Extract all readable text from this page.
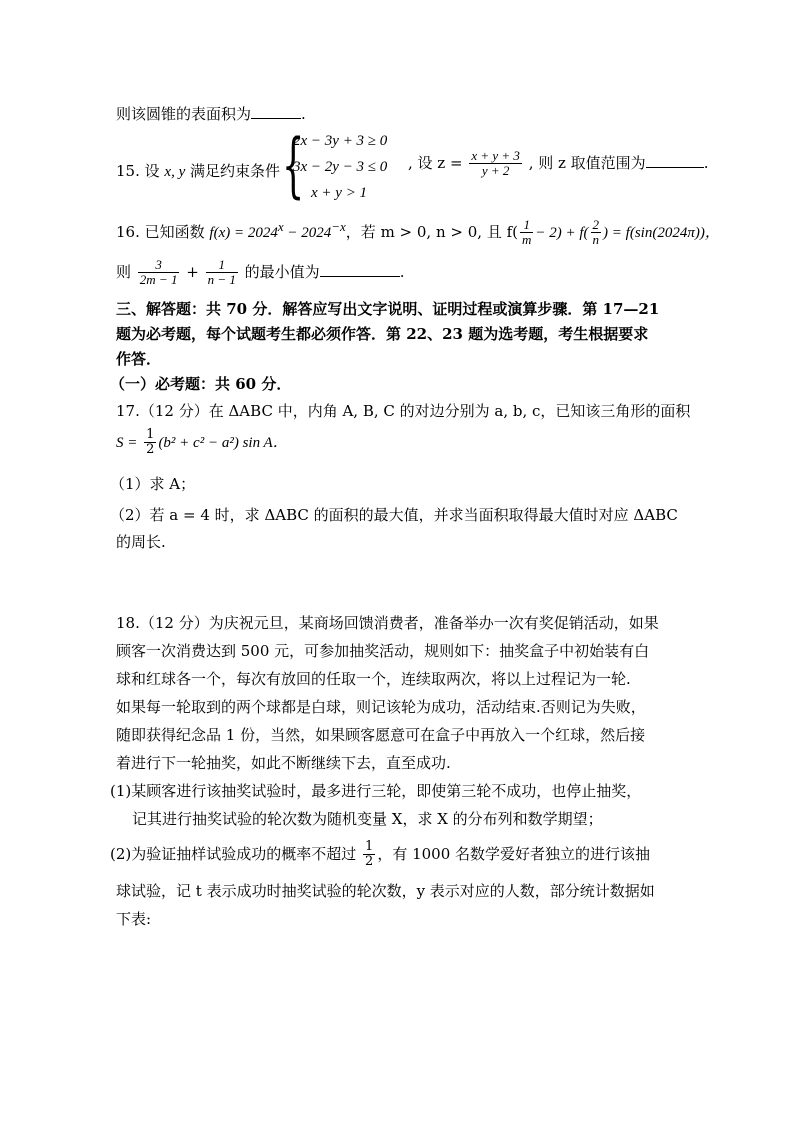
则该圆锥的表面积为	.
15. 设 x, y 满足约束条件 {
2x − 3y + 3 ≥ 0
3x − 2y − 3 ≤ 0
x + y > 1
, 设 $z = \frac{x + y + 3}{y + 2}$ , 则 z 取值范围为	.
16. 已知函数 $f(x) = 2024^x - 2024^{-x}$，若 m > 0, n > 0, 且 $f( \frac{1}{m} - 2) + f( \frac{2}{n}$ ) = f(sin(2024π))，
则 $\frac{3}{2m - 1} + \frac{1}{n - 1}$ 的最小值为	.
三、解答题：共 70 分．解答应写出文字说明、证明过程或演算步骤．第 17—21
题为必考题，每个试题考生都必须作答．第 22、23 题为选考题，考生根据要求
作答．
（一）必考题：共 60 分．
17.（12 分）在 ΔABC 中，内角 A, B, C 的对边分别为 a, b, c，已知该三角形的面积
$S = \frac{1}{2} (b^2 + c^2 - a^2)$ sin A．
（1）求 A；
（2）若 a = 4 时，求 ΔABC 的面积的最大值，并求当面积取得最大值时对应 ΔABC
的周长.
18.（12 分）为庆祝元旦，某商场回馈消费者，准备举办一次有奖促销活动，如果
顾客一次消费达到 500 元，可参加抽奖活动，规则如下：抽奖盒子中初始装有白
球和红球各一个，每次有放回的任取一个，连续取两次，将以上过程记为一轮.
如果每一轮取到的两个球都是白球，则记该轮为成功，活动结束.否则记为失败，
随即获得纪念品 1 份，当然，如果顾客愿意可在盒子中再放入一个红球，然后接
着进行下一轮抽奖，如此不断继续下去，直至成功.
(1)某顾客进行该抽奖试验时，最多进行三轮，即使第三轮不成功，也停止抽奖，
记其进行抽奖试验的轮次数为随机变量 X，求 X 的分布列和数学期望；
(2)为验证抽样试验成功的概率不超过 $\frac{1}{2}$ ，有 1000 名数学爱好者独立的进行该抽
球试验，记 t 表示成功时抽奖试验的轮次数，y 表示对应的人数，部分统计数据如
下表:
